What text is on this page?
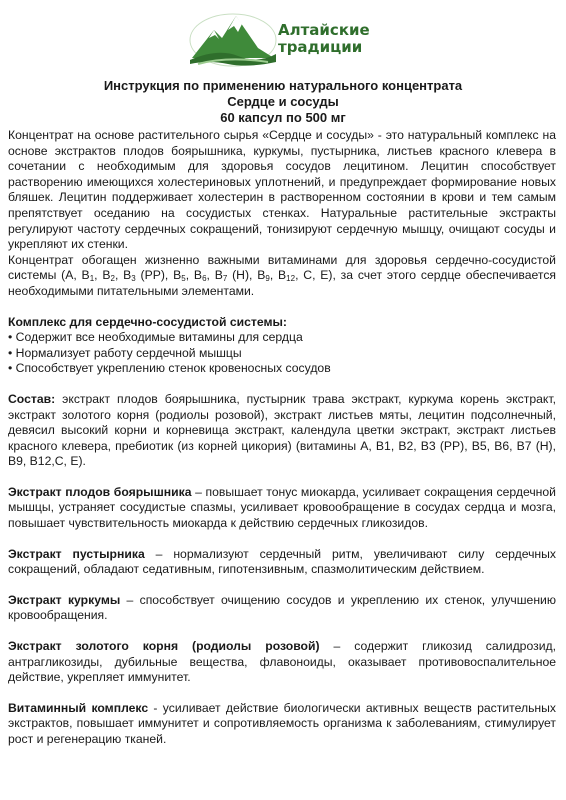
Алтайские
традиции
Инструкция по применению натурального концентрата
Сердце и сосуды
60 капсул по 500 мг

Концентрат на основе растительного сырья «Сердце и сосуды» - это натуральный комплекс на основе экстрактов плодов боярышника, куркумы, пустырника, листьев красного клевера в сочетании с необходимым для здоровья сосудов лецитином. Лецитин способствует растворению имеющихся холестериновых уплотнений, и предупреждает формирование новых бляшек. Лецитин поддерживает холестерин в растворенном состоянии в крови и тем самым препятствует оседанию на сосудистых стенках. Натуральные растительные экстракты регулируют частоту сердечных сокращений, тонизируют сердечную мышцу, очищают сосуды и укрепляют их стенки.

Концентрат обогащен жизненно важными витаминами для здоровья сердечно-сосудистой системы (A, $B_1$, $B_2$, $B_3$ (PP), $B_5$, $B_6$, $B_7$ (H), $B_9$, $B_{12}$, C, E), за счет этого сердце обеспечивается необходимыми питательными элементами.

Комплекс для сердечно-сосудистой системы:

• Содержит все необходимые витамины для сердца
• Нормализует работу сердечной мышцы
• Способствует укреплению стенок кровеносных сосудов

Состав: экстракт плодов боярышника, пустырник трава экстракт, куркума корень экстракт, экстракт золотого корня (родиолы розовой), экстракт листьев мяты, лецитин подсолнечный, девясил высокий корни и корневища экстракт, календула цветки экстракт, экстракт листьев красного клевера, пребиотик (из корней цикория) (витамины A, B1, B2, B3 (PP), B5, B6, B7 (H), B9, B12,C, E).

Экстракт плодов боярышника – повышает тонус миокарда, усиливает сокращения сердечной мышцы, устраняет сосудистые спазмы, усиливает кровообращение в сосудах сердца и мозга, повышает чувствительность миокарда к действию сердечных гликозидов.

Экстракт пустырника – нормализуют сердечный ритм, увеличивают силу сердечных сокращений, обладают седативным, гипотензивным, спазмолитическим действием.

Экстракт куркумы – способствует очищению сосудов и укреплению их стенок, улучшению кровообращения.

Экстракт золотого корня (родиолы розовой) – содержит гликозид салидрозид, антрагликозиды, дубильные вещества, флавоноиды, оказывает противовоспалительное действие, укрепляет иммунитет.

Витаминный комплекс - усиливает действие биологически активных веществ растительных экстрактов, повышает иммунитет и сопротивляемость организма к заболеваниям, стимулирует рост и регенерацию тканей.
